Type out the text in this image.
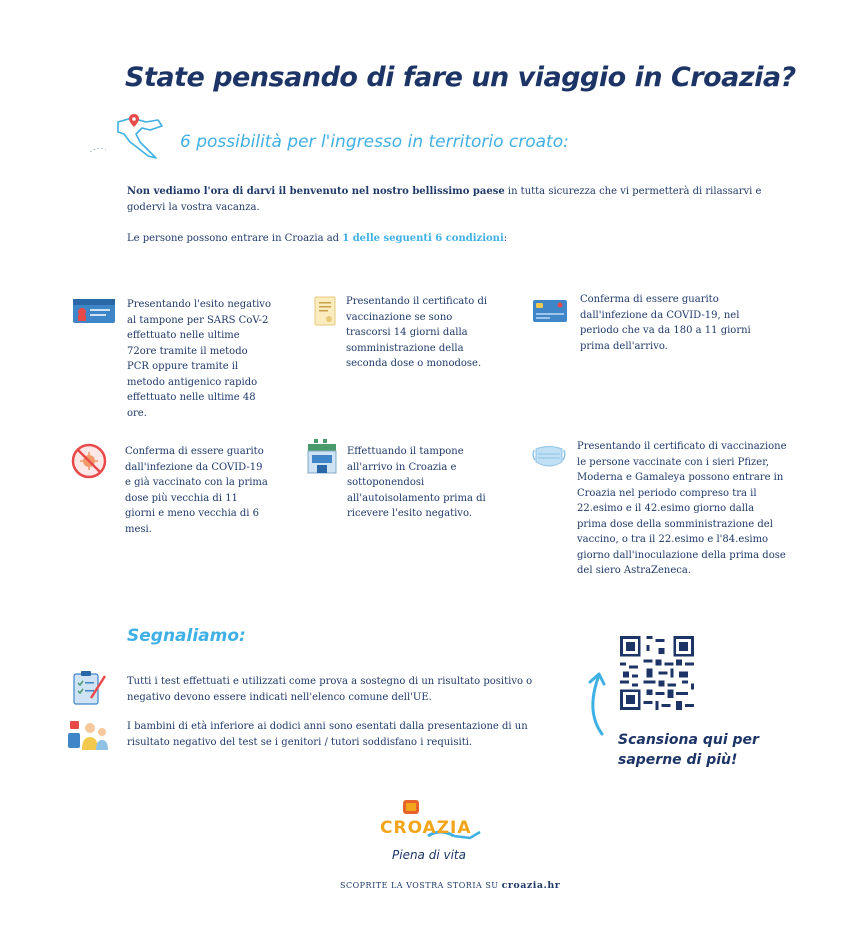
State pensando di fare un viaggio in Croazia?
6 possibilità per l'ingresso in territorio croato:
Non vediamo l'ora di darvi il benvenuto nel nostro bellissimo paese in tutta sicurezza che vi permetterà di rilassarvi e godervi la vostra vacanza.
Le persone possono entrare in Croazia ad 1 delle seguenti 6 condizioni:
Presentando l'esito negativo al tampone per SARS CoV-2 effettuato nelle ultime 72ore tramite il metodo PCR oppure tramite il metodo antigenico rapido effettuato nelle ultime 48 ore.
Presentando il certificato di vaccinazione se sono trascorsi 14 giorni dalla somministrazione della seconda dose o monodose.
Conferma di essere guarito dall'infezione da COVID-19, nel periodo che va da 180 a 11 giorni prima dell'arrivo.
Conferma di essere guarito dall'infezione da COVID-19 e già vaccinato con la prima dose più vecchia di 11 giorni e meno vecchia di 6 mesi.
Effettuando il tampone all'arrivo in Croazia e sottoponendosi all'autoisolamento prima di ricevere l'esito negativo.
Presentando il certificato di vaccinazione le persone vaccinate con i sieri Pfizer, Moderna e Gamaleya possono entrare in Croazia nel periodo compreso tra il 22.esimo e il 42.esimo giorno dalla prima dose della somministrazione del vaccino, o tra il 22.esimo e l'84.esimo giorno dall'inoculazione della prima dose del siero AstraZeneca.
Segnaliamo:
Tutti i test effettuati e utilizzati come prova a sostegno di un risultato positivo o negativo devono essere indicati nell'elenco comune dell'UE.
I bambini di età inferiore ai dodici anni sono esentati dalla presentazione di un risultato negativo del test se i genitori / tutori soddisfano i requisiti.	Scansiona qui per
saperne di più!
CROAZIA
Piena di vita
SCOPRITE LA VOSTRA STORIA SU croazia.hr
